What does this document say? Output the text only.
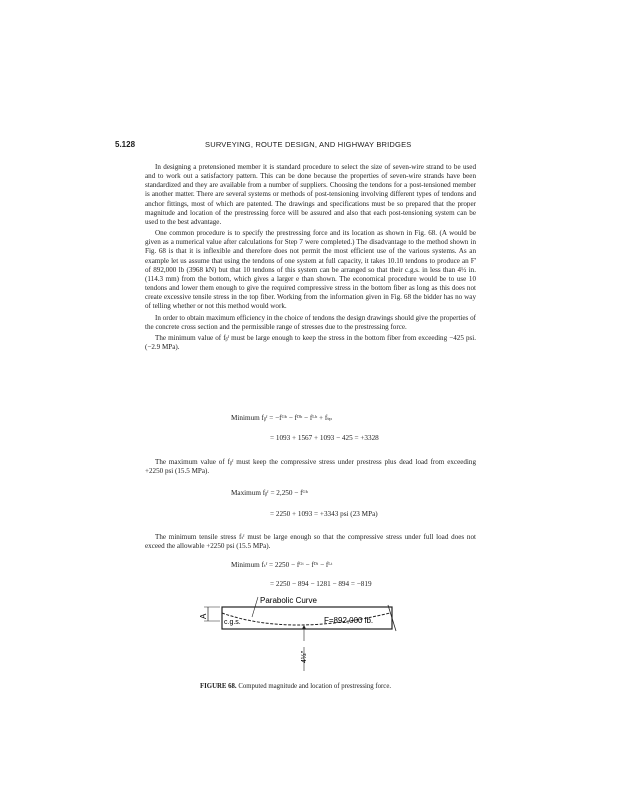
5.128	SURVEYING, ROUTE DESIGN, AND HIGHWAY BRIDGES

In designing a pretensioned member it is standard procedure to select the size of seven-wire strand to be used and to work out a satisfactory pattern. This can be done because the properties of seven-wire strands have been standardized and they are available from a number of suppliers. Choosing the tendons for a post-tensioned member is another matter. There are several systems or methods of post-tensioning involving different types of tendons and anchor fittings, most of which are patented. The drawings and specifications must be so prepared that the proper magnitude and location of the prestressing force will be assured and also that each post-tensioning system can be used to the best advantage.

One common procedure is to specify the prestressing force and its location as shown in Fig. 68. (A would be given as a numerical value after calculations for Step 7 were completed.) The disadvantage to the method shown in Fig. 68 is that it is inflexible and therefore does not permit the most efficient use of the various systems. As an example let us assume that using the tendons of one system at full capacity, it takes 10.10 tendons to produce an F' of 892,000 lb (3968 kN) but that 10 tendons of this system can be arranged so that their c.g.s. in less than 4½ in. (114.3 mm) from the bottom, which gives a larger e than shown. The economical procedure would be to use 10 tendons and lower them enough to give the required compressive stress in the bottom fiber as long as this does not create excessive tensile stress in the top fiber. Working from the information given in Fig. 68 the bidder has no way of telling whether or not this method would work.

In order to obtain maximum efficiency in the choice of tendons the design drawings should give the properties of the concrete cross section and the permissible range of stresses due to the prestressing force.

The minimum value of fᵦᶠ must be large enough to keep the stress in the bottom fiber from exceeding −425 psi. (−2.9 MPa).

Minimum fᵦᶠ = −fᴳᵇ − fᴰᵇ − fᴸᵇ + fₜₚ
= 1093 + 1567 + 1093 − 425 = +3328

The maximum value of fᵦᶠ must keep the compressive stress under prestress plus dead load from exceeding +2250 psi (15.5 MPa).

Maximum fᵦᶠ = 2,250 − fᴳᵇ
= 2250 + 1093 = +3343 psi (23 MPa)

The minimum tensile stress fₜᶠ must be large enough so that the compressive stress under full load does not exceed the allowable +2250 psi (15.5 MPa).

Minimum fₜᶠ = 2250 − fᴳᵗ − fᴰᵗ − fᴸᵗ
= 2250 − 894 − 1281 − 894 = −819
Parabolic Curve
c.g.s.	F=892,000 lb.
A
4½"
FIGURE 68. Computed magnitude and location of prestressing force.
